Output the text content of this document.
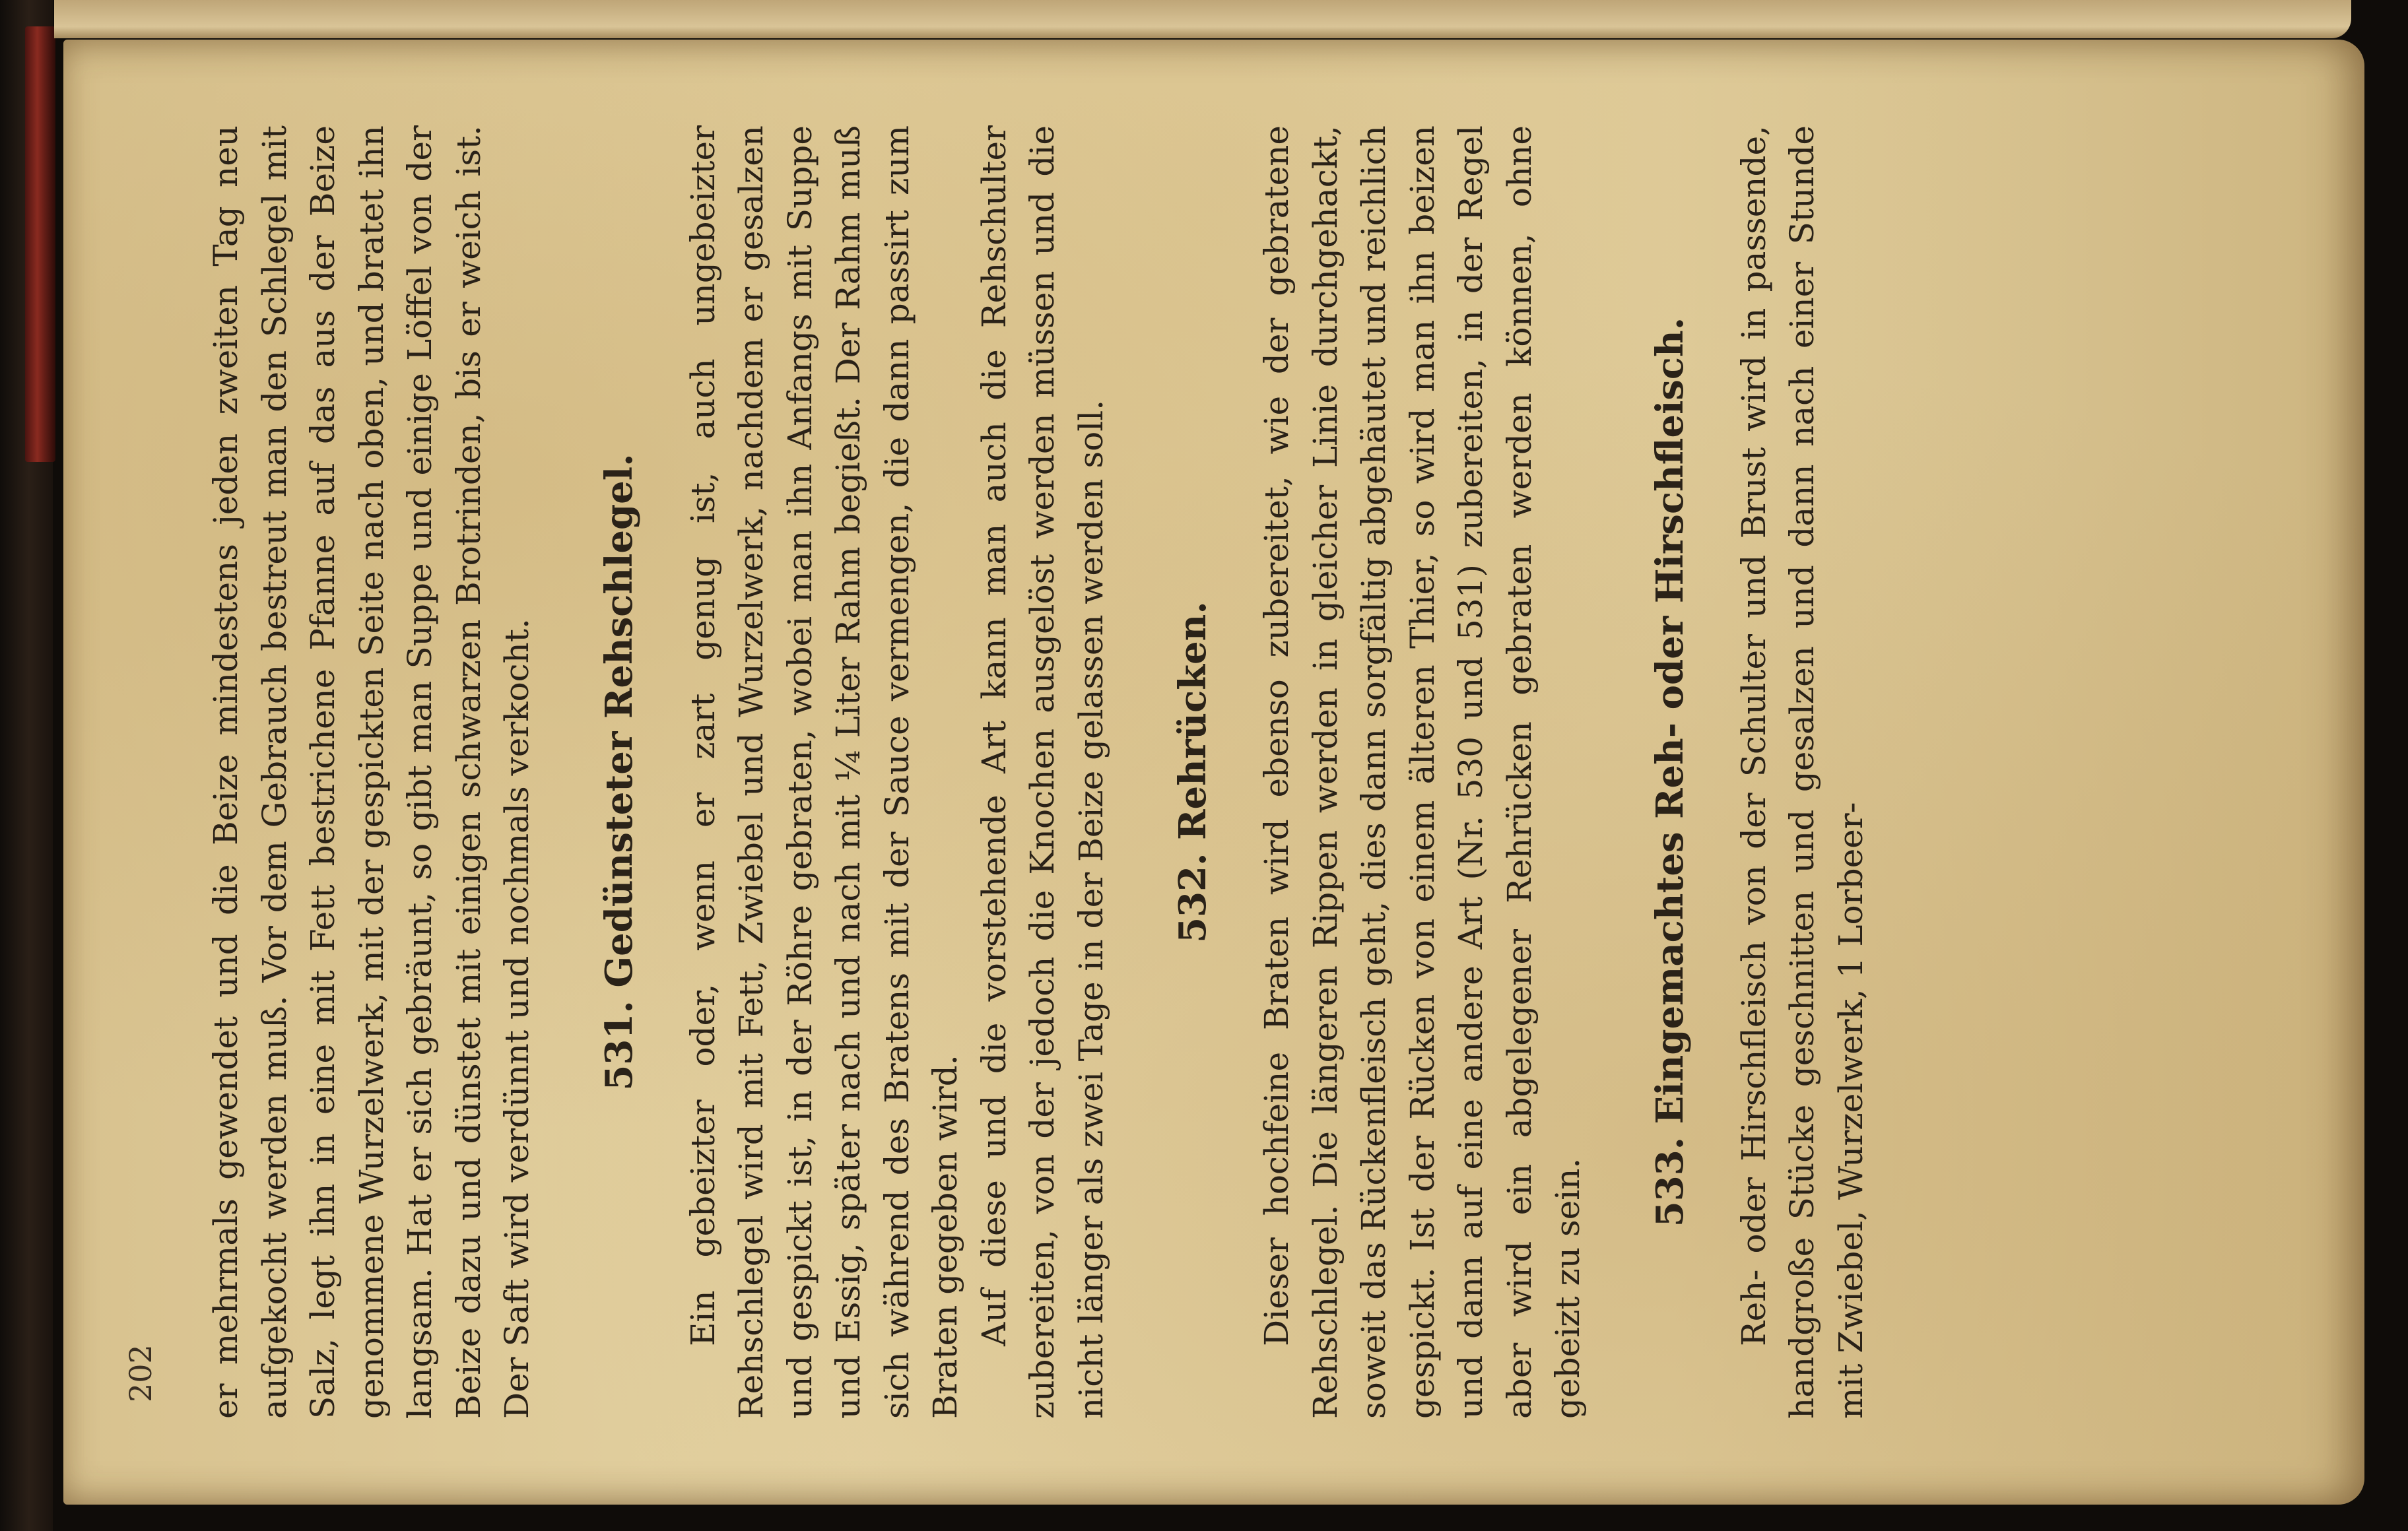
202 er mehrmals gewendet und die Beize mindestens jeden zweiten Tag neu aufgekocht werden muß. Vor dem Gebrauch bestreut man den Schlegel mit Salz, legt ihn in eine mit Fett bestrichene Pfanne auf das aus der Beize genommene Wurzelwerk, mit der gespickten Seite nach oben, und bratet ihn langsam. Hat er sich gebräunt, so gibt man Suppe und einige Löffel von der Beize dazu und dünstet mit einigen schwarzen Brotrinden, bis er weich ist. Der Saft wird verdünnt und nochmals verkocht. 531. Gedünsteter Rehschlegel. Ein gebeizter oder, wenn er zart genug ist, auch ungebeizter Rehschlegel wird mit Fett, Zwiebel und Wurzelwerk, nachdem er gesalzen und gespickt ist, in der Röhre gebraten, wobei man ihn Anfangs mit Suppe und Essig, später nach und nach mit ¼ Liter Rahm begießt. Der Rahm muß sich während des Bratens mit der Sauce vermengen, die dann passirt zum Braten gegeben wird. Auf diese und die vorstehende Art kann man auch die Rehschulter zubereiten, von der jedoch die Knochen ausgelöst werden müssen und die nicht länger als zwei Tage in der Beize gelassen werden soll. 532. Rehrücken. Dieser hochfeine Braten wird ebenso zubereitet, wie der gebratene Rehschlegel. Die längeren Rippen werden in gleicher Linie durchgehackt, soweit das Rückenfleisch geht, dies dann sorgfältig abgehäutet und reichlich gespickt. Ist der Rücken von einem älteren Thier, so wird man ihn beizen und dann auf eine andere Art (Nr. 530 und 531) zubereiten, in der Regel aber wird ein abgelegener Rehrücken gebraten werden können, ohne gebeizt zu sein.

533. Eingemachtes Reh- oder Hirschfleisch. Reh- oder Hirschfleisch von der Schulter und Brust wird in passende, handgroße Stücke geschnitten und gesalzen und dann nach einer Stunde mit Zwiebel, Wurzelwerk, 1 Lorbeer-
